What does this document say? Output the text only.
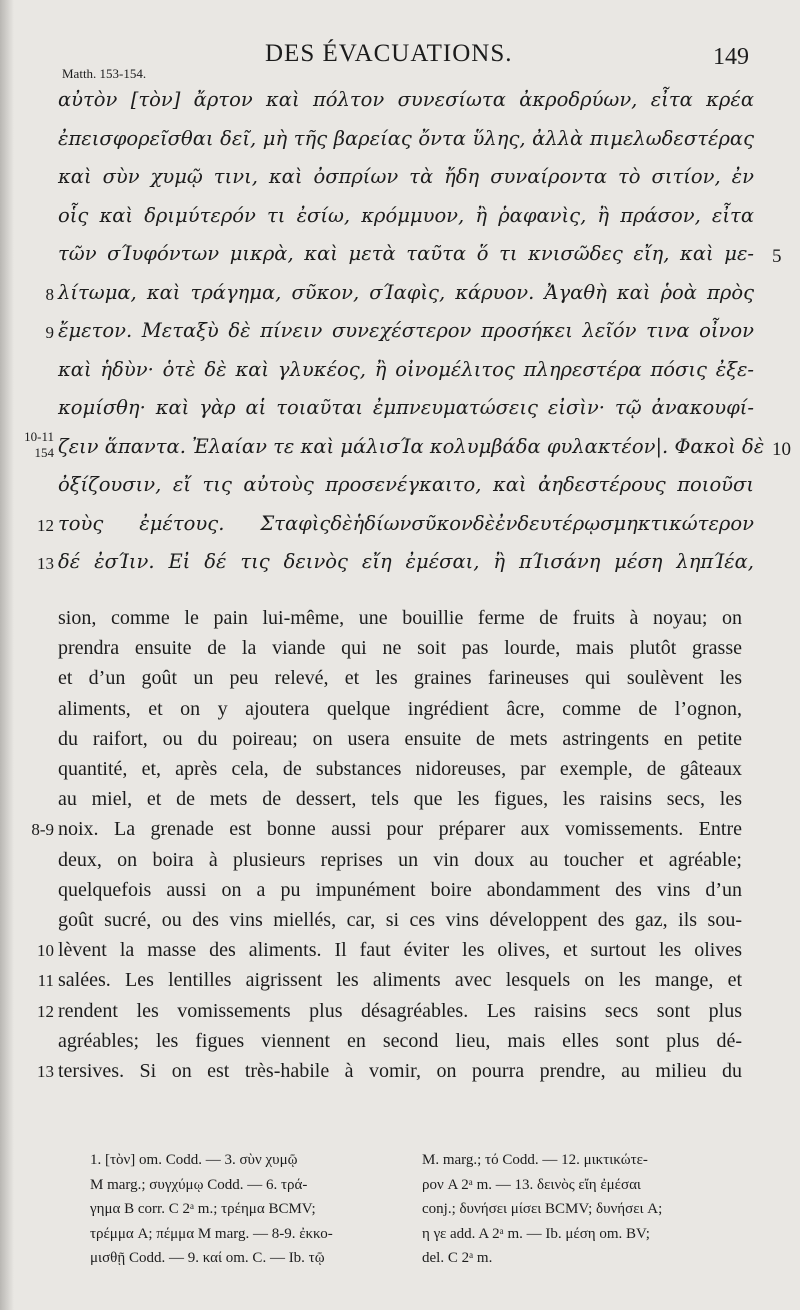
DES ÉVACUATIONS.	149
Matth. 153-154.
αὐτὸν [τὸν] ἄρτον καὶ πόλτον συνεσίωτα ἀκροδρύων, εἶτα κρέα
ἐπεισφορεῖσθαι δεῖ, μὴ τῆς βαρείας ὄντα ὕλης, ἀλλὰ πιμελωδεστέρας
καὶ σὺν χυμῷ τινι, καὶ ὀσπρίων τὰ ἤδη συναίροντα τὸ σιτίον, ἐν
οἷς καὶ δριμύτερόν τι ἐσίω, κρόμμυον, ἢ ῥαφανὶς, ἢ πράσον, εἶτα
τῶν σΊυφόντων μικρὰ, καὶ μετὰ ταῦτα ὅ τι κνισῶδες εἴη, καὶ με- 5
λίτωμα, καὶ τράγημα, σῦκον, σΊαφὶς, κάρυον. Ἀγαθὴ καὶ ῥοὰ πρὸς
8
ἔμετον. Μεταξὺ δὲ πίνειν συνεχέστερον προσήκει λεῖόν τινα οἶνον
9
καὶ ἡδὺν· ὁτὲ δὲ καὶ γλυκέος, ἢ οἰνομέλιτος πληρεστέρα πόσις ἐξε-
κομίσθη· καὶ γὰρ αἱ τοιαῦται ἐμπνευματώσεις εἰσὶν· τῷ ἀνακουφί-
ζειν ἅπαντα. Ἐλαίαν τε καὶ μάλισΊα κολυμβάδα φυλακτέον|. Φακοὶ δὲ
10-11
154	10
ὀξίζουσιν, εἴ τις αὐτοὺς προσενέγκαιτο, καὶ ἀηδεστέρους ποιοῦσι
τοὺς ἐμέτους. Σταφὶςδὲἡδίωνσῦκονδὲἐνδευτέρῳσμηκτικώτερον
12
δέ ἐσΊιν. Εἰ δέ τις δεινὸς εἴη ἐμέσαι, ἢ πΊισάνη μέση ληπΊέα,
13
sion, comme le pain lui-même, une bouillie ferme de fruits à noyau; on
prendra ensuite de la viande qui ne soit pas lourde, mais plutôt grasse
et d’un goût un peu relevé, et les graines farineuses qui soulèvent les
aliments, et on y ajoutera quelque ingrédient âcre, comme de l’ognon,
du raifort, ou du poireau; on usera ensuite de mets astringents en petite
quantité, et, après cela, de substances nidoreuses, par exemple, de gâteaux
au miel, et de mets de dessert, tels que les figues, les raisins secs, les
noix. La grenade est bonne aussi pour préparer aux vomissements. Entre
8-9
deux, on boira à plusieurs reprises un vin doux au toucher et agréable;
quelquefois aussi on a pu impunément boire abondamment des vins d’un
goût sucré, ou des vins miellés, car, si ces vins développent des gaz, ils sou-
lèvent la masse des aliments. Il faut éviter les olives, et surtout les olives
10
salées. Les lentilles aigrissent les aliments avec lesquels on les mange, et
11
rendent les vomissements plus désagréables. Les raisins secs sont plus
12
agréables; les figues viennent en second lieu, mais elles sont plus dé-
tersives. Si on est très-habile à vomir, on pourra prendre, au milieu du
13
1. [τὸν] om. Codd. — 3. σὺν χυμῷ
M marg.; συγχύμῳ Codd. — 6. τρά-
γημα B corr. C 2ᵃ m.; τρέημα BCMV;
τρέμμα A; πέμμα M marg. — 8-9. ἐκκο-
μισθῇ Codd. — 9. καί om. C. — Ib. τῷ
M. marg.; τό Codd. — 12. μικτικώτε-
ρον A 2ᵃ m. — 13. δεινὸς εἴη ἐμέσαι
conj.; δυνήσει μίσει BCMV; δυνήσει A;
η γε add. A 2ᵃ m. — Ib. μέση om. BV;
del. C 2ᵃ m.
